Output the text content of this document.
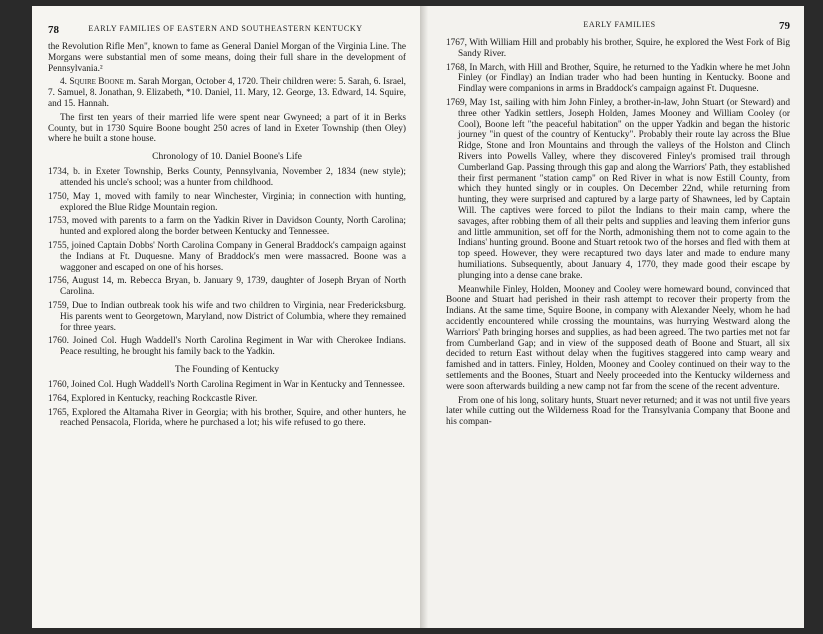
78	EARLY FAMILIES OF EASTERN AND SOUTHEASTERN KENTUCKY

the Revolution Rifle Men", known to fame as General Daniel Morgan of the Virginia Line. The Morgans were substantial men of some means, doing their full share in the development of Pennsylvania.²

4. Squire Boone m. Sarah Morgan, October 4, 1720. Their children were: 5. Sarah, 6. Israel, 7. Samuel, 8. Jonathan, 9. Elizabeth, *10. Daniel, 11. Mary, 12. George, 13. Edward, 14. Squire, and 15. Hannah.

The first ten years of their married life were spent near Gwyneed; a part of it in Berks County, but in 1730 Squire Boone bought 250 acres of land in Exeter Township (then Oley) where he built a stone house.

Chronology of 10. Daniel Boone's Life

1734, b. in Exeter Township, Berks County, Pennsylvania, November 2, 1834 (new style); attended his uncle's school; was a hunter from childhood.

1750, May 1, moved with family to near Winchester, Virginia; in connection with hunting, explored the Blue Ridge Mountain region.

1753, moved with parents to a farm on the Yadkin River in Davidson County, North Carolina; hunted and explored along the border between Kentucky and Tennessee.

1755, joined Captain Dobbs' North Carolina Company in General Braddock's campaign against the Indians at Ft. Duquesne. Many of Braddock's men were massacred. Boone was a waggoner and escaped on one of his horses.

1756, August 14, m. Rebecca Bryan, b. January 9, 1739, daughter of Joseph Bryan of North Carolina.

1759, Due to Indian outbreak took his wife and two children to Virginia, near Fredericksburg. His parents went to Georgetown, Maryland, now District of Columbia, where they remained for three years.

1760. Joined Col. Hugh Waddell's North Carolina Regiment in War with Cherokee Indians. Peace resulting, he brought his family back to the Yadkin.

The Founding of Kentucky

1760, Joined Col. Hugh Waddell's North Carolina Regiment in War in Kentucky and Tennessee.

1764, Explored in Kentucky, reaching Rockcastle River.

1765, Explored the Altamaha River in Georgia; with his brother, Squire, and other hunters, he reached Pensacola, Florida, where he purchased a lot; his wife refused to go there.

EARLY FAMILIES	79

1767, With William Hill and probably his brother, Squire, he explored the West Fork of Big Sandy River.

1768, In March, with Hill and Brother, Squire, he returned to the Yadkin where he met John Finley (or Findlay) an Indian trader who had been hunting in Kentucky. Boone and Findlay were companions in arms in Braddock's campaign against Ft. Duquesne.

1769, May 1st, sailing with him John Finley, a brother-in-law, John Stuart (or Steward) and three other Yadkin settlers, Joseph Holden, James Mooney and William Cooley (or Cool), Boone left "the peaceful habitation" on the upper Yadkin and began the historic journey "in quest of the country of Kentucky". Probably their route lay across the Blue Ridge, Stone and Iron Mountains and through the valleys of the Holston and Clinch Rivers into Powells Valley, where they discovered Finley's promised trail through Cumberland Gap. Passing through this gap and along the Warriors' Path, they established their first permanent "station camp" on Red River in what is now Estill County, from which they hunted singly or in couples. On December 22nd, while returning from hunting, they were surprised and captured by a large party of Shawnees, led by Captain Will. The captives were forced to pilot the Indians to their main camp, where the savages, after robbing them of all their pelts and supplies and leaving them inferior guns and little ammunition, set off for the North, admonishing them not to come again to the Indians' hunting ground. Boone and Stuart retook two of the horses and fled with them at top speed. However, they were recaptured two days later and made to endure many humiliations. Subsequently, about January 4, 1770, they made good their escape by plunging into a dense cane brake.

Meanwhile Finley, Holden, Mooney and Cooley were homeward bound, convinced that Boone and Stuart had perished in their rash attempt to recover their property from the Indians. At the same time, Squire Boone, in company with Alexander Neely, whom he had accidently encountered while crossing the mountains, was hurrying Westward along the Warriors' Path bringing horses and supplies, as had been agreed. The two parties met not far from Cumberland Gap; and in view of the supposed death of Boone and Stuart, all six decided to return East without delay when the fugitives staggered into camp weary and famished and in tatters. Finley, Holden, Mooney and Cooley continued on their way to the settlements and the Boones, Stuart and Neely proceeded into the Kentucky wilderness and were soon afterwards building a new camp not far from the scene of the recent adventure.

From one of his long, solitary hunts, Stuart never returned; and it was not until five years later while cutting out the Wilderness Road for the Transylvania Company that Boone and his compan-
